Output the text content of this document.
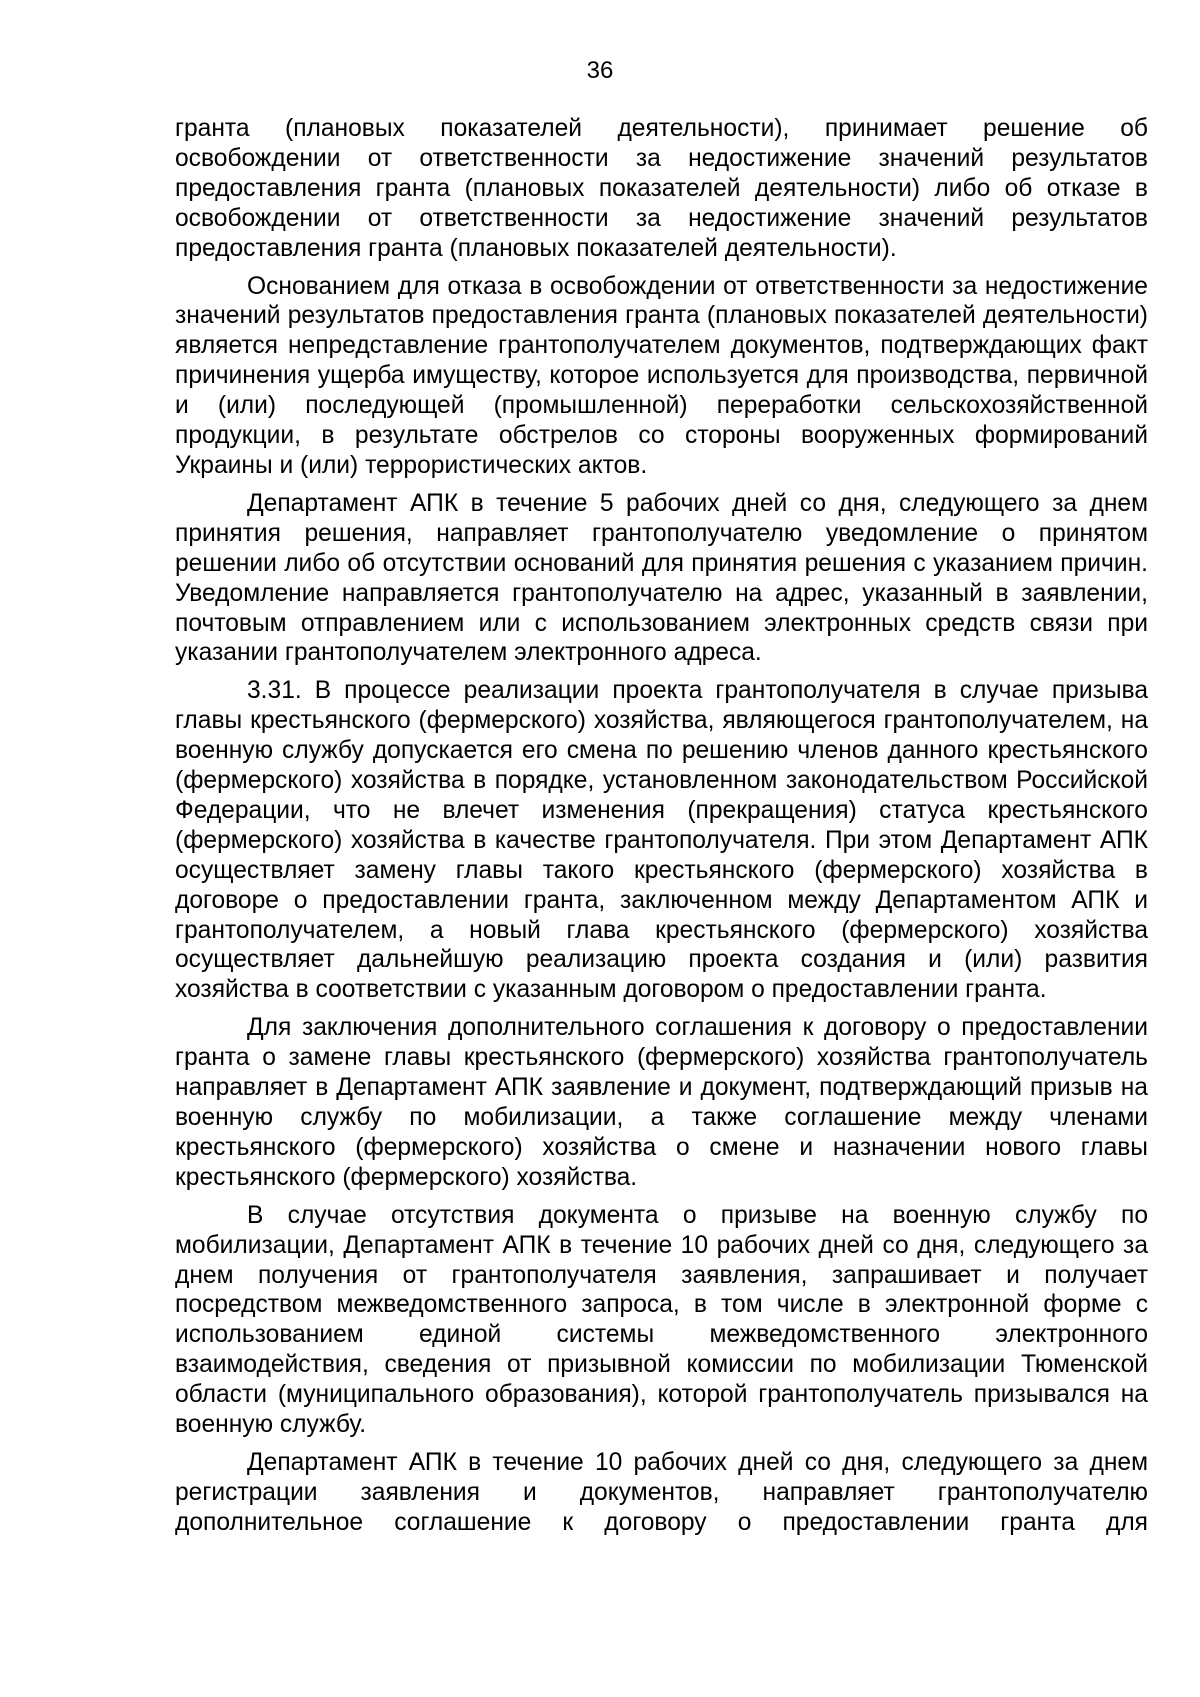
36

гранта (плановых показателей деятельности), принимает решение об освобождении от ответственности за недостижение значений результатов предоставления гранта (плановых показателей деятельности) либо об отказе в освобождении от ответственности за недостижение значений результатов предоставления гранта (плановых показателей деятельности).

Основанием для отказа в освобождении от ответственности за недостижение значений результатов предоставления гранта (плановых показателей деятельности) является непредставление грантополучателем документов, подтверждающих факт причинения ущерба имуществу, которое используется для производства, первичной и (или) последующей (промышленной) переработки сельскохозяйственной продукции, в результате обстрелов со стороны вооруженных формирований Украины и (или) террористических актов.

Департамент АПК в течение 5 рабочих дней со дня, следующего за днем принятия решения, направляет грантополучателю уведомление о принятом решении либо об отсутствии оснований для принятия решения с указанием причин. Уведомление направляется грантополучателю на адрес, указанный в заявлении, почтовым отправлением или с использованием электронных средств связи при указании грантополучателем электронного адреса.

3.31. В процессе реализации проекта грантополучателя в случае призыва главы крестьянского (фермерского) хозяйства, являющегося грантополучателем, на военную службу допускается его смена по решению членов данного крестьянского (фермерского) хозяйства в порядке, установленном законодательством Российской Федерации, что не влечет изменения (прекращения) статуса крестьянского (фермерского) хозяйства в качестве грантополучателя. При этом Департамент АПК осуществляет замену главы такого крестьянского (фермерского) хозяйства в договоре о предоставлении гранта, заключенном между Департаментом АПК и грантополучателем, а новый глава крестьянского (фермерского) хозяйства осуществляет дальнейшую реализацию проекта создания и (или) развития хозяйства в соответствии с указанным договором о предоставлении гранта.

Для заключения дополнительного соглашения к договору о предоставлении гранта о замене главы крестьянского (фермерского) хозяйства грантополучатель направляет в Департамент АПК заявление и документ, подтверждающий призыв на военную службу по мобилизации, а также соглашение между членами крестьянского (фермерского) хозяйства о смене и назначении нового главы крестьянского (фермерского) хозяйства.

В случае отсутствия документа о призыве на военную службу по мобилизации, Департамент АПК в течение 10 рабочих дней со дня, следующего за днем получения от грантополучателя заявления, запрашивает и получает посредством межведомственного запроса, в том числе в электронной форме с использованием единой системы межведомственного электронного взаимодействия, сведения от призывной комиссии по мобилизации Тюменской области (муниципального образования), которой грантополучатель призывался на военную службу.

Департамент АПК в течение 10 рабочих дней со дня, следующего за днем регистрации заявления и документов, направляет грантополучателю дополнительное соглашение к договору о предоставлении гранта для
